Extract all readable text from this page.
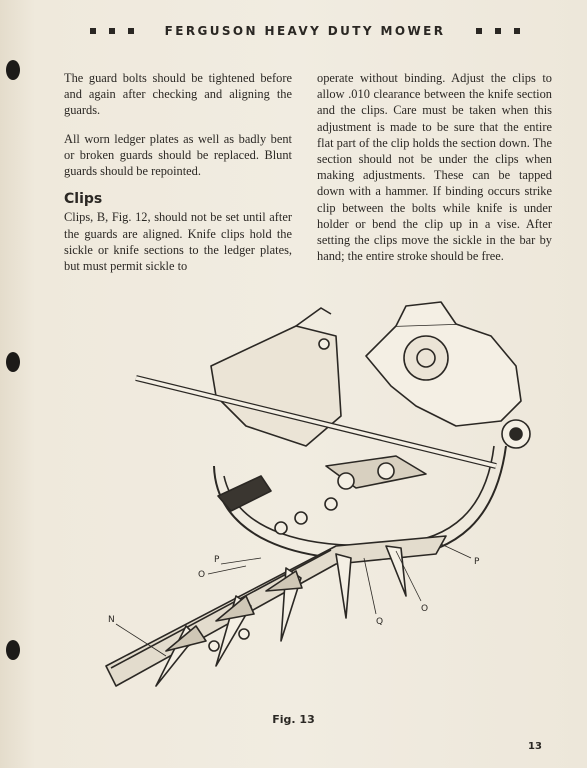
FERGUSON HEAVY DUTY MOWER

The guard bolts should be tightened before and again after checking and aligning the guards.

All worn ledger plates as well as badly bent or broken guards should be replaced. Blunt guards should be repointed.

Clips

Clips, B, Fig. 12, should not be set until after the guards are aligned. Knife clips hold the sickle or knife sections to the ledger plates, but must permit sickle to

operate without binding. Adjust the clips to allow .010 clearance between the knife section and the clips. Care must be taken when this adjustment is made to be sure that the entire flat part of the clip holds the section down. The section should not be under the clips when making adjustments. These can be tapped down with a hammer. If binding occurs strike clip between the bolts while knife is under holder or bend the clip up in a vise. After setting the clips move the sickle in the bar by hand; the entire stroke should be free.

P
O
N	Q
O
P
Fig. 13
13
